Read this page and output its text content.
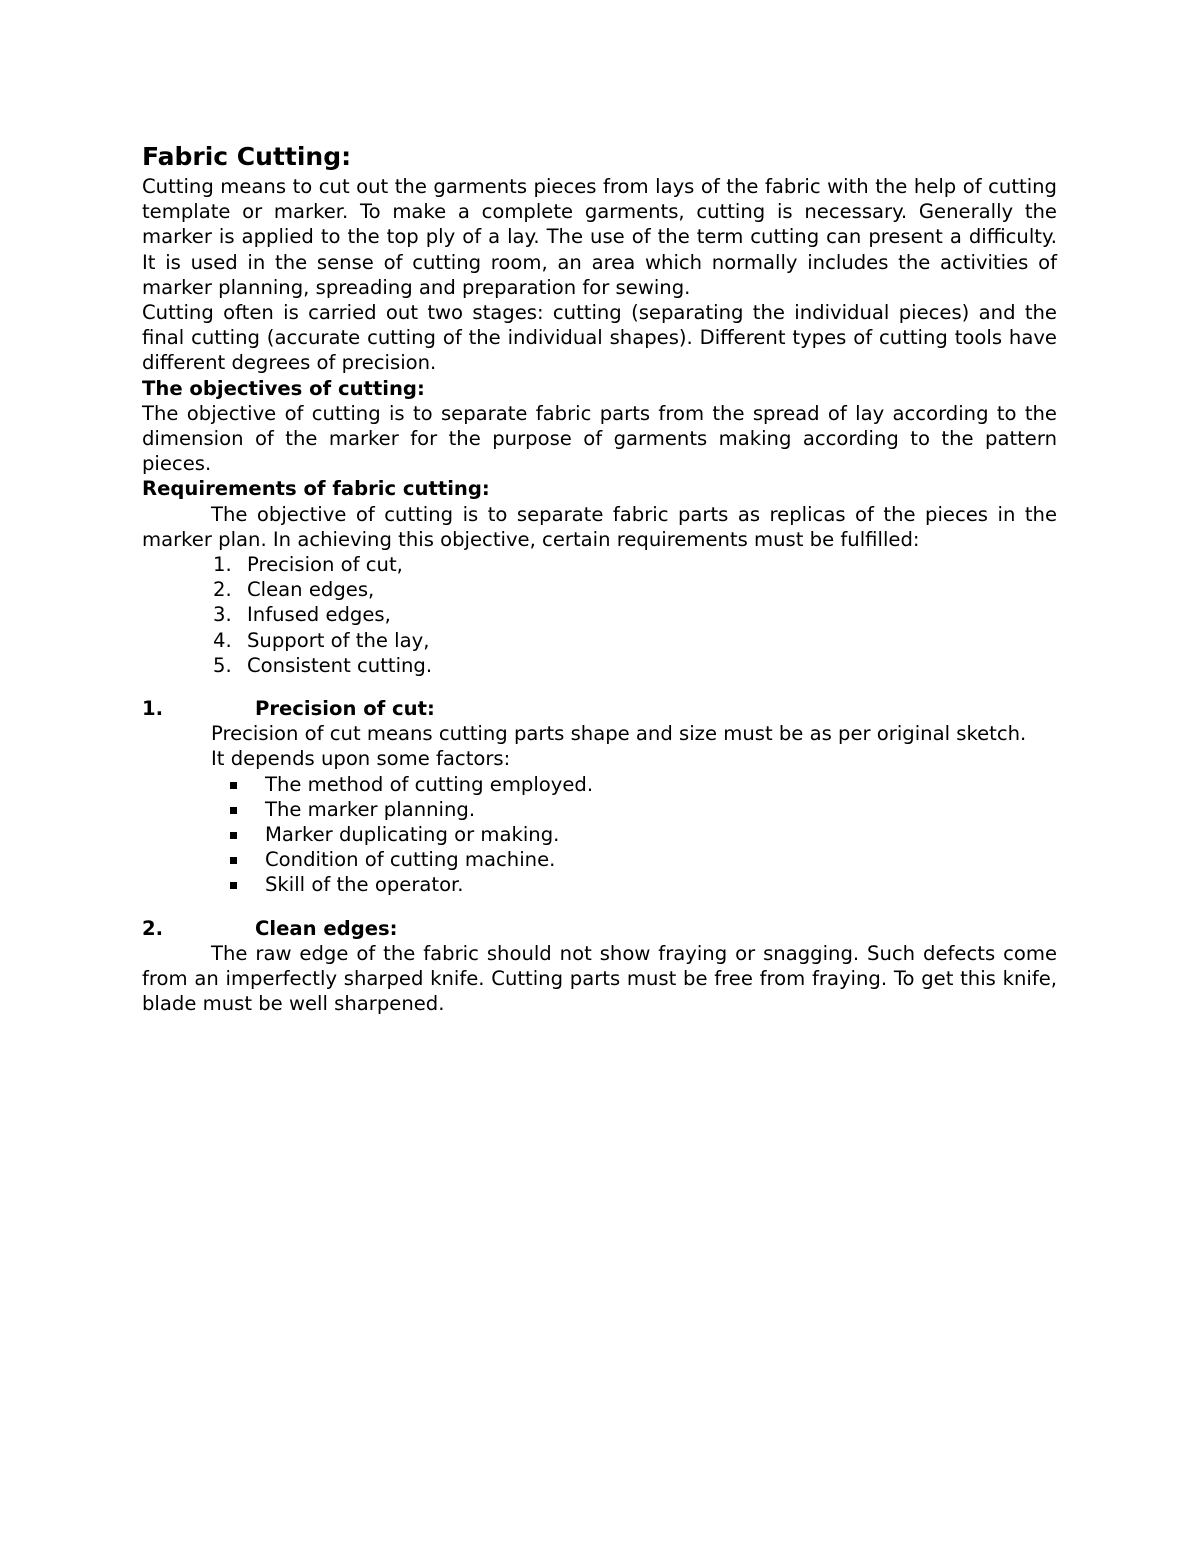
Fabric Cutting:

Cutting means to cut out the garments pieces from lays of the fabric with the help of cutting template or marker. To make a complete garments, cutting is necessary. Generally the marker is applied to the top ply of a lay. The use of the term cutting can present a difficulty. It is used in the sense of cutting room, an area which normally includes the activities of marker planning, spreading and preparation for sewing.

Cutting often is carried out two stages: cutting (separating the individual pieces) and the final cutting (accurate cutting of the individual shapes). Different types of cutting tools have different degrees of precision.

The objectives of cutting:

The objective of cutting is to separate fabric parts from the spread of lay according to the dimension of the marker for the purpose of garments making according to the pattern pieces.

Requirements of fabric cutting:

The objective of cutting is to separate fabric parts as replicas of the pieces in the marker plan. In achieving this objective, certain requirements must be fulfilled:

1. Precision of cut,
2. Clean edges,
3. Infused edges,
4. Support of the lay,
5. Consistent cutting.

1.	Precision of cut:

Precision of cut means cutting parts shape and size must be as per original sketch.

It depends upon some factors:

The method of cutting employed.
The marker planning.
Marker duplicating or making.
Condition of cutting machine.
Skill of the operator.

2.	Clean edges:

The raw edge of the fabric should not show fraying or snagging. Such defects come from an imperfectly sharped knife. Cutting parts must be free from fraying. To get this knife, blade must be well sharpened.
